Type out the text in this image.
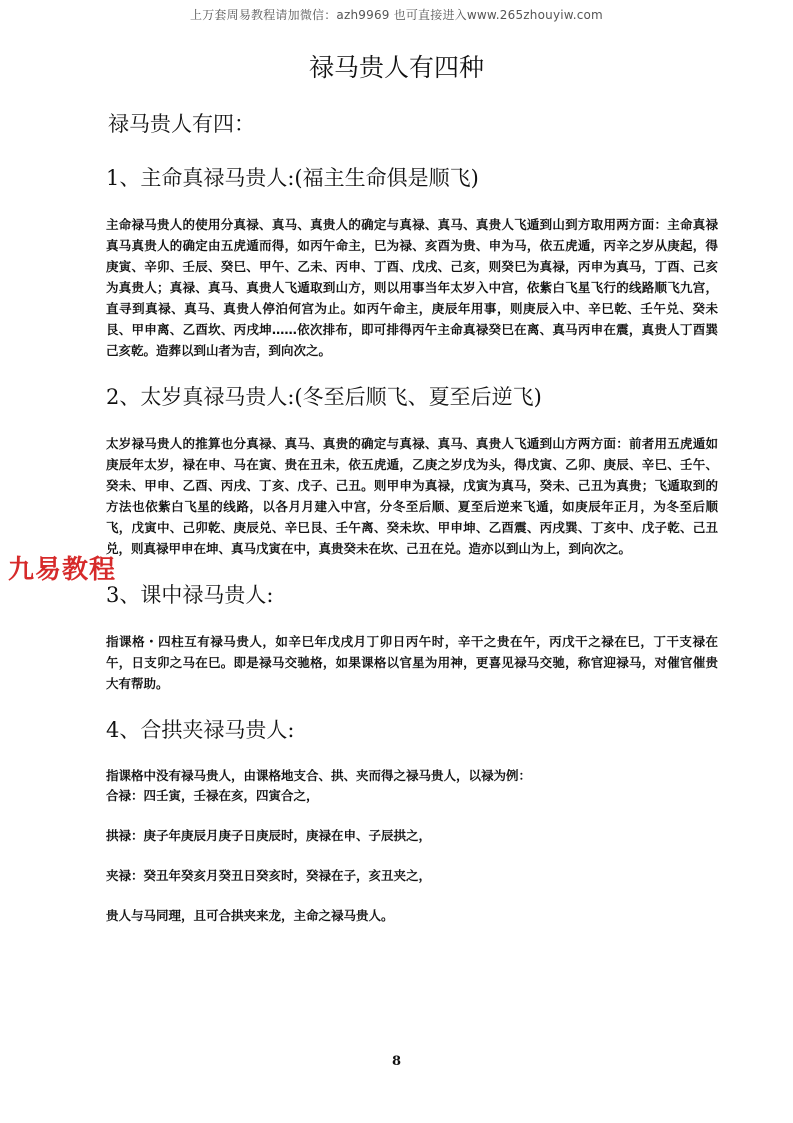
上万套周易教程请加微信：azh9969 也可直接进入www.265zhouyiw.com
禄马贵人有四种
禄马贵人有四：
1、主命真禄马贵人:(福主生命俱是顺飞)

主命禄马贵人的使用分真禄、真马、真贵人的确定与真禄、真马、真贵人飞遁到山到方取用两方面：主命真禄真马真贵人的确定由五虎遁而得，如丙午命主，巳为禄、亥酉为贵、申为马，依五虎遁，丙辛之岁从庚起，得庚寅、辛卯、壬辰、癸巳、甲午、乙未、丙申、丁酉、戊戌、己亥，则癸巳为真禄，丙申为真马，丁酉、己亥为真贵人；真禄、真马、真贵人飞遁取到山方，则以用事当年太岁入中宫，依紫白飞星飞行的线路顺飞九宫，直寻到真禄、真马、真贵人停泊何宫为止。如丙午命主，庚辰年用事，则庚辰入中、辛巳乾、壬午兑、癸未艮、甲申离、乙酉坎、丙戌坤……依次排布，即可排得丙午主命真禄癸巳在离、真马丙申在震，真贵人丁酉巽己亥乾。造葬以到山者为吉，到向次之。

2、太岁真禄马贵人:(冬至后顺飞、夏至后逆飞)

太岁禄马贵人的推算也分真禄、真马、真贵的确定与真禄、真马、真贵人飞遁到山方两方面：前者用五虎遁如庚辰年太岁，禄在申、马在寅、贵在丑未，依五虎遁，乙庚之岁戊为头，得戊寅、乙卯、庚辰、辛巳、壬午、癸未、甲申、乙酉、丙戌、丁亥、戊子、己丑。则甲申为真禄，戊寅为真马，癸未、己丑为真贵；飞遁取到的方法也依紫白飞星的线路，以各月月建入中宫，分冬至后顺、夏至后逆来飞遁，如庚辰年正月，为冬至后顺飞，戊寅中、己卯乾、庚辰兑、辛巳艮、壬午离、癸未坎、甲申坤、乙酉震、丙戌巽、丁亥中、戊子乾、己丑兑，则真禄甲申在坤、真马戊寅在中，真贵癸未在坎、己丑在兑。造亦以到山为上，到向次之。

3、课中禄马贵人:

指课格・四柱互有禄马贵人，如辛巳年戊戌月丁卯日丙午时，辛干之贵在午，丙戊干之禄在巳，丁干支禄在午，日支卯之马在巳。即是禄马交驰格，如果课格以官星为用神，更喜见禄马交驰，称官迎禄马，对催官催贵大有帮助。

4、合拱夹禄马贵人:

指课格中没有禄马贵人，由课格地支合、拱、夹而得之禄马贵人，以禄为例：

合禄：四壬寅，壬禄在亥，四寅合之，

拱禄：庚子年庚辰月庚子日庚辰时，庚禄在申、子辰拱之，

夹禄：癸丑年癸亥月癸丑日癸亥时，癸禄在子，亥丑夹之，

贵人与马同理，且可合拱夹来龙，主命之禄马贵人。

九易教程
8
